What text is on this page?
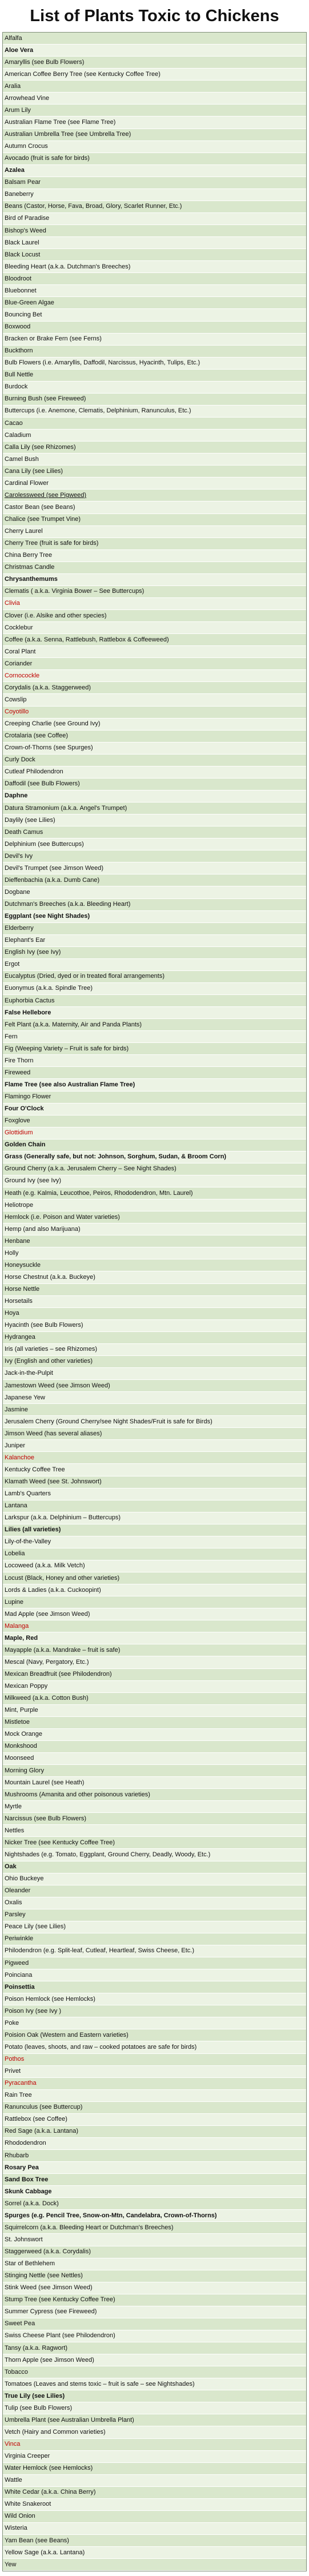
List of Plants Toxic to Chickens
Alfalfa
Aloe Vera
Amaryllis (see Bulb Flowers)
American Coffee Berry Tree (see Kentucky Coffee Tree)
Aralia
Arrowhead Vine
Arum Lily
Australian Flame Tree (see Flame Tree)
Australian Umbrella Tree (see Umbrella Tree)
Autumn Crocus
Avocado (fruit is safe for birds)
Azalea
Balsam Pear
Baneberry
Beans (Castor, Horse, Fava, Broad, Glory, Scarlet Runner, Etc.)
Bird of Paradise
Bishop's Weed
Black Laurel
Black Locust
Bleeding Heart (a.k.a. Dutchman's Breeches)
Bloodroot
Bluebonnet
Blue-Green Algae
Bouncing Bet
Boxwood
Bracken or Brake Fern (see Ferns)
Buckthorn
Bulb Flowers (i.e. Amaryllis, Daffodil, Narcissus, Hyacinth, Tulips, Etc.)
Bull Nettle
Burdock
Burning Bush (see Fireweed)
Buttercups (i.e. Anemone, Clematis, Delphinium, Ranunculus, Etc.)
Cacao
Caladium
Calla Lily (see Rhizomes)
Camel Bush
Cana Lily (see Lilies)
Cardinal Flower
Carolessweed (see Pigweed)
Castor Bean (see Beans)
Chalice (see Trumpet Vine)
Cherry Laurel
Cherry Tree (fruit is safe for birds)
China Berry Tree
Christmas Candle
Chrysanthemums
Clematis ( a.k.a. Virginia Bower – See Buttercups)
Clivia
Clover (i.e. Alsike and other species)
Cocklebur
Coffee (a.k.a. Senna, Rattlebush, Rattlebox & Coffeeweed)
Coral Plant
Coriander
Cornocockle
Corydalis (a.k.a. Staggerweed)
Cowslip
Coyotillo
Creeping Charlie (see Ground Ivy)
Crotalaria (see Coffee)
Crown-of-Thorns (see Spurges)
Curly Dock
Cutleaf Philodendron
Daffodil (see Bulb Flowers)
Daphne
Datura Stramonium (a.k.a. Angel's Trumpet)
Daylily (see Lilies)
Death Camus
Delphinium (see Buttercups)
Devil's Ivy
Devil's Trumpet (see Jimson Weed)
Dieffenbachia (a.k.a. Dumb Cane)
Dogbane
Dutchman's Breeches (a.k.a. Bleeding Heart)
Eggplant (see Night Shades)
Elderberry
Elephant's Ear
English Ivy (see Ivy)
Ergot
Eucalyptus (Dried, dyed or in treated floral arrangements)
Euonymus (a.k.a. Spindle Tree)
Euphorbia Cactus
False Hellebore
Felt Plant (a.k.a. Maternity, Air and Panda Plants)
Fern
Fig (Weeping Variety – Fruit is safe for birds)
Fire Thorn
Fireweed
Flame Tree (see also Australian Flame Tree)
Flamingo Flower
Four O'Clock
Foxglove
Glottidium
Golden Chain
Grass (Generally safe, but not: Johnson, Sorghum, Sudan, & Broom Corn)
Ground Cherry (a.k.a. Jerusalem Cherry – See Night Shades)
Ground Ivy (see Ivy)
Heath (e.g. Kalmia, Leucothoe, Peiros, Rhododendron, Mtn. Laurel)
Heliotrope
Hemlock (i.e. Poison and Water varieties)
Hemp (and also Marijuana)
Henbane
Holly
Honeysuckle
Horse Chestnut (a.k.a. Buckeye)
Horse Nettle
Horsetails
Hoya
Hyacinth (see Bulb Flowers)
Hydrangea
Iris (all varieties – see Rhizomes)
Ivy (English and other varieties)
Jack-in-the-Pulpit
Jamestown Weed (see Jimson Weed)
Japanese Yew
Jasmine
Jerusalem Cherry (Ground Cherry/see Night Shades/Fruit is safe for Birds)
Jimson Weed (has several aliases)
Juniper
Kalanchoe
Kentucky Coffee Tree
Klamath Weed (see St. Johnswort)
Lamb's Quarters
Lantana
Larkspur (a.k.a. Delphinium – Buttercups)
Lilies (all varieties)
Lily-of-the-Valley
Lobelia
Locoweed (a.k.a. Milk Vetch)
Locust (Black, Honey and other varieties)
Lords & Ladies (a.k.a. Cuckoopint)
Lupine
Mad Apple (see Jimson Weed)
Malanga
Maple, Red
Mayapple (a.k.a. Mandrake – fruit is safe)
Mescal (Navy, Pergatory, Etc.)
Mexican Breadfruit (see Philodendron)
Mexican Poppy
Milkweed (a.k.a. Cotton Bush)
Mint, Purple
Mistletoe
Mock Orange
Monkshood
Moonseed
Morning Glory
Mountain Laurel (see Heath)
Mushrooms (Amanita and other poisonous varieties)
Myrtle
Narcissus (see Bulb Flowers)
Nettles
Nicker Tree (see Kentucky Coffee Tree)
Nightshades (e.g. Tomato, Eggplant, Ground Cherry, Deadly, Woody, Etc.)
Oak
Ohio Buckeye
Oleander
Oxalis
Parsley
Peace Lily (see Lilies)
Periwinkle
Philodendron (e.g. Split-leaf, Cutleaf, Heartleaf, Swiss Cheese, Etc.)
Pigweed
Poinciana
Poinsettia
Poison Hemlock (see Hemlocks)
Poison Ivy (see Ivy )
Poke
Poision Oak (Western and Eastern varieties)
Potato (leaves, shoots, and raw – cooked potatoes are safe for birds)
Pothos
Privet
Pyracantha
Rain Tree
Ranunculus (see Buttercup)
Rattlebox (see Coffee)
Red Sage (a.k.a. Lantana)
Rhododendron
Rhubarb
Rosary Pea
Sand Box Tree
Skunk Cabbage
Sorrel (a.k.a. Dock)
Spurges (e.g. Pencil Tree, Snow-on-Mtn, Candelabra, Crown-of-Thorns)
Squirrelcorn (a.k.a. Bleeding Heart or Dutchman's Breeches)
St. Johnswort
Staggerweed (a.k.a. Corydalis)
Star of Bethlehem
Stinging Nettle (see Nettles)
Stink Weed (see Jimson Weed)
Stump Tree (see Kentucky Coffee Tree)
Summer Cypress (see Fireweed)
Sweet Pea
Swiss Cheese Plant (see Philodendron)
Tansy (a.k.a. Ragwort)
Thorn Apple (see Jimson Weed)
Tobacco
Tomatoes (Leaves and stems toxic – fruit is safe – see Nightshades)
True Lily (see Lilies)
Tulip (see Bulb Flowers)
Umbrella Plant (see Australian Umbrella Plant)
Vetch (Hairy and Common varieties)
Vinca
Virginia Creeper
Water Hemlock (see Hemlocks)
Wattle
White Cedar (a.k.a. China Berry)
White Snakeroot
Wild Onion
Wisteria
Yam Bean (see Beans)
Yellow Sage (a.k.a. Lantana)
Yew
